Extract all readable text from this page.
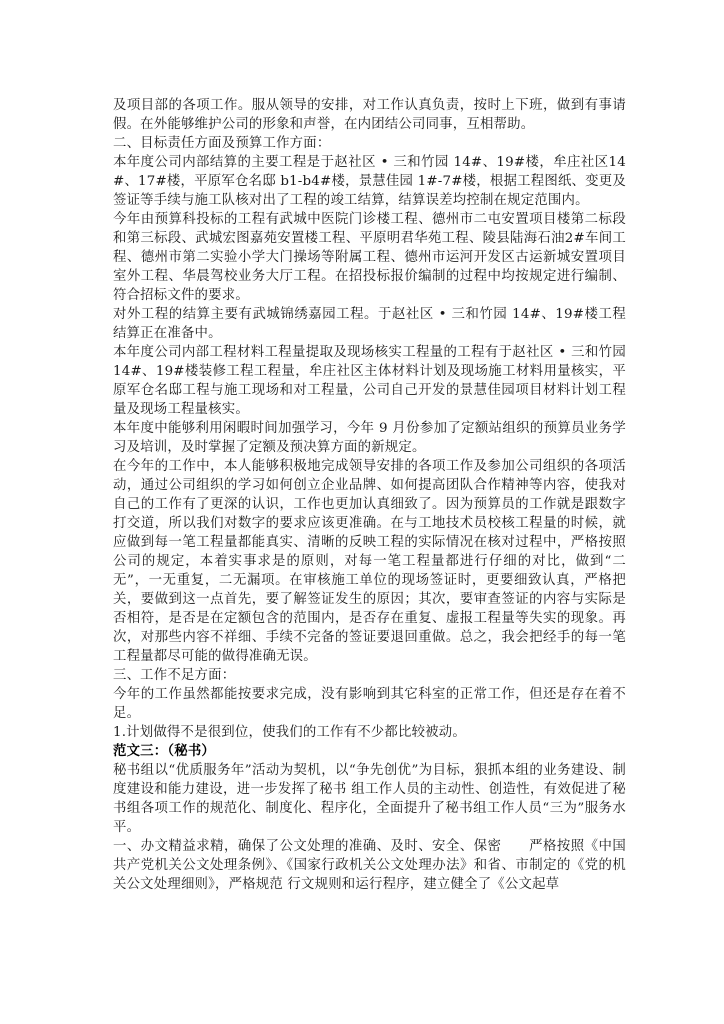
及项目部的各项工作。服从领导的安排，对工作认真负责，按时上下班，做到有事请假。在外能够维护公司的形象和声誉，在内团结公司同事，互相帮助。

二、目标责任方面及预算工作方面：

本年度公司内部结算的主要工程是于赵社区 • 三和竹园 14#、19#楼，牟庄社区14#、17#楼，平原军仓名邸 b1-b4#楼，景慧佳园 1#-7#楼，根据工程图纸、变更及签证等手续与施工队核对出了工程的竣工结算，结算误差均控制在规定范围内。

今年由预算科投标的工程有武城中医院门诊楼工程、德州市二屯安置项目楼第二标段和第三标段、武城宏图嘉苑安置楼工程、平原明君华苑工程、陵县陆海石油2#车间工程、德州市第二实验小学大门操场等附属工程、德州市运河开发区古运新城安置项目室外工程、华晨驾校业务大厅工程。在招投标报价编制的过程中均按规定进行编制、符合招标文件的要求。

对外工程的结算主要有武城锦绣嘉园工程。于赵社区 • 三和竹园 14#、19#楼工程结算正在准备中。

本年度公司内部工程材料工程量提取及现场核实工程量的工程有于赵社区 • 三和竹园 14#、19#楼装修工程工程量，牟庄社区主体材料计划及现场施工材料用量核实，平原军仓名邸工程与施工现场和对工程量，公司自己开发的景慧佳园项目材料计划工程量及现场工程量核实。

本年度中能够利用闲暇时间加强学习，今年 9 月份参加了定额站组织的预算员业务学习及培训，及时掌握了定额及预决算方面的新规定。

在今年的工作中，本人能够积极地完成领导安排的各项工作及参加公司组织的各项活动，通过公司组织的学习如何创立企业品牌、如何提高团队合作精神等内容，使我对自己的工作有了更深的认识，工作也更加认真细致了。因为预算员的工作就是跟数字打交道，所以我们对数字的要求应该更准确。在与工地技术员校核工程量的时候，就应做到每一笔工程量都能真实、清晰的反映工程的实际情况在核对过程中，严格按照公司的规定，本着实事求是的原则，对每一笔工程量都进行仔细的对比，做到“二无”，一无重复，二无漏项。在审核施工单位的现场签证时，更要细致认真，严格把关，要做到这一点首先，要了解签证发生的原因；其次，要审查签证的内容与实际是否相符，是否是在定额包含的范围内，是否存在重复、虚报工程量等失实的现象。再次，对那些内容不祥细、手续不完备的签证要退回重做。总之，我会把经手的每一笔工程量都尽可能的做得准确无误。

三、工作不足方面：

今年的工作虽然都能按要求完成，没有影响到其它科室的正常工作，但还是存在着不足。

1.计划做得不是很到位，使我们的工作有不少都比较被动。

范文三：（秘书）

秘书组以“优质服务年”活动为契机，以“争先创优”为目标，狠抓本组的业务建设、制度建设和能力建设，进一步发挥了秘书 组工作人员的主动性、创造性，有效促进了秘书组各项工作的规范化、制度化、程序化，全面提升了秘书组工作人员“三为”服务水平。

一、办文精益求精，确保了公文处理的准确、及时、安全、保密　　严格按照《中国共产党机关公文处理条例》、《国家行政机关公文处理办法》和省、市制定的《党的机关公文处理细则》，严格规范 行文规则和运行程序，建立健全了《公文起草
